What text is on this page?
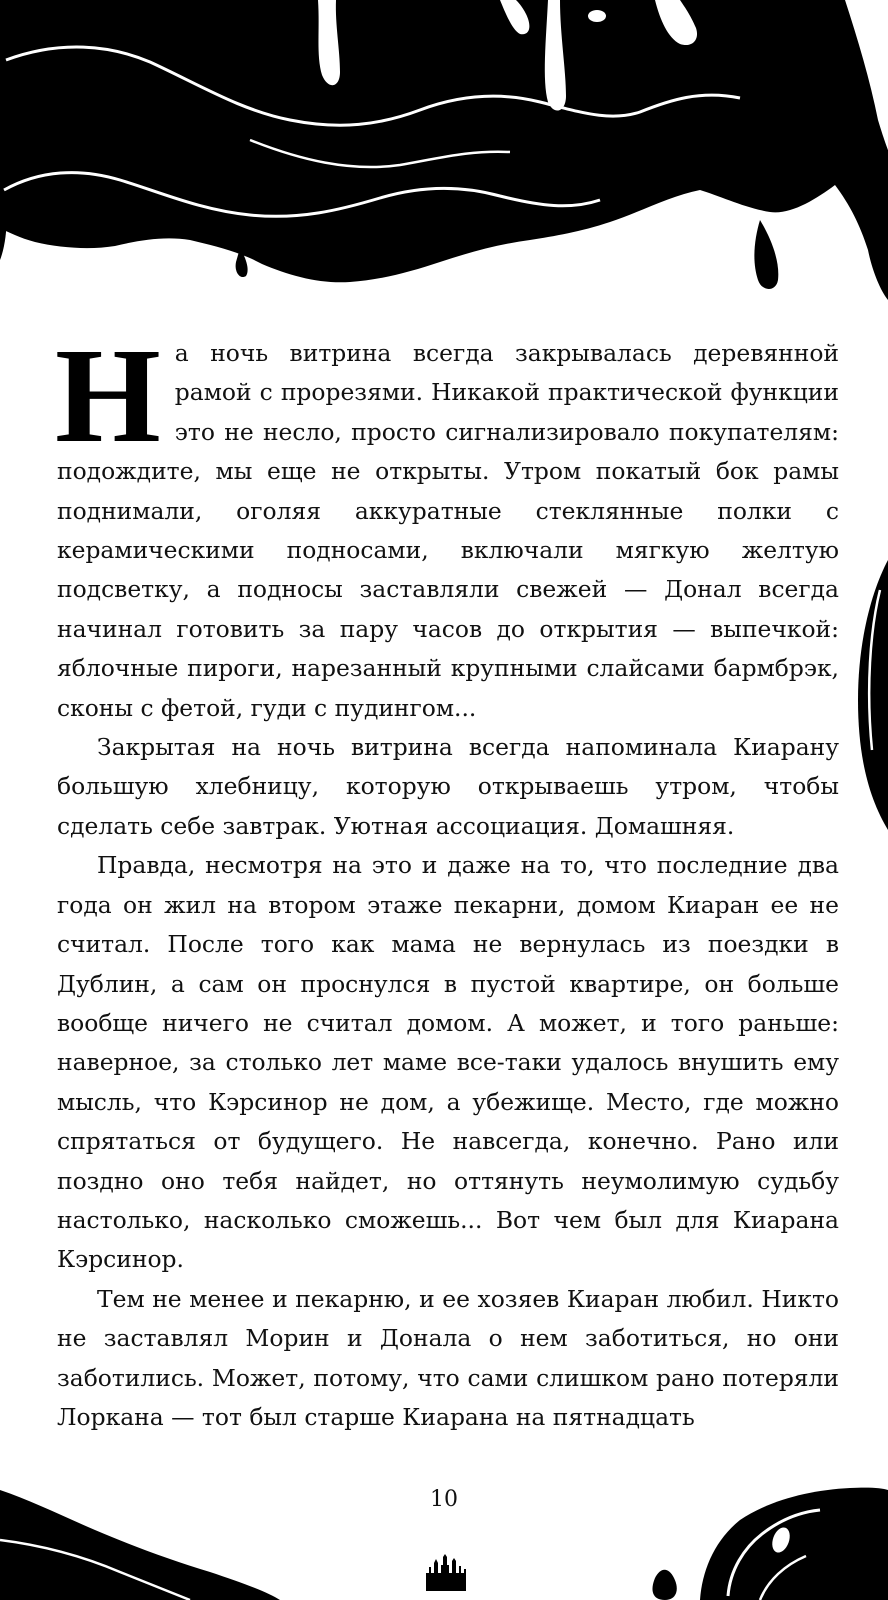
На ночь витрина всегда закрывалась деревянной рамой с прорезями. Никакой практической функции это не несло, просто сигнализировало покупателям: подождите, мы еще не открыты. Утром покатый бок рамы поднимали, оголяя аккуратные стеклянные полки с керамическими подносами, включали мягкую желтую подсветку, а подносы заставляли свежей — Донал всегда начинал готовить за пару часов до открытия — выпечкой: яблочные пироги, нарезанный крупными слайсами бармбрэк, сконы с фетой, гуди с пудингом...

Закрытая на ночь витрина всегда напоминала Киарану большую хлебницу, которую открываешь утром, чтобы сделать себе завтрак. Уютная ассоциация. Домашняя.

Правда, несмотря на это и даже на то, что последние два года он жил на втором этаже пекарни, домом Киаран ее не считал. После того как мама не вернулась из поездки в Дублин, а сам он проснулся в пустой квартире, он больше вообще ничего не считал домом. А может, и того раньше: наверное, за столько лет маме все-таки удалось внушить ему мысль, что Кэрсинор не дом, а убежище. Место, где можно спрятаться от будущего. Не навсегда, конечно. Рано или поздно оно тебя найдет, но оттянуть неумолимую судьбу настолько, насколько сможешь... Вот чем был для Киарана Кэрсинор.

Тем не менее и пекарню, и ее хозяев Киаран любил. Никто не заставлял Морин и Донала о нем заботиться, но они заботились. Может, потому, что сами слишком рано потеряли Лоркана — тот был старше Киарана на пятнадцать

10
